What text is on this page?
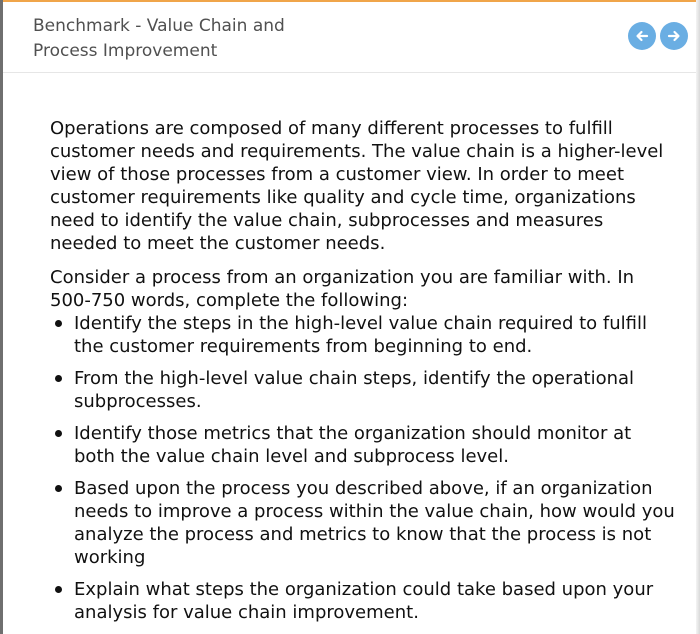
Benchmark - Value Chain and Process Improvement

Operations are composed of many different processes to fulfill customer needs and requirements. The value chain is a higher-level view of those processes from a customer view. In order to meet customer requirements like quality and cycle time, organizations need to identify the value chain, subprocesses and measures needed to meet the customer needs.

Consider a process from an organization you are familiar with. In 500-750 words, complete the following:

Identify the steps in the high-level value chain required to fulfill the customer requirements from beginning to end.
From the high-level value chain steps, identify the operational subprocesses.
Identify those metrics that the organization should monitor at both the value chain level and subprocess level.
Based upon the process you described above, if an organization needs to improve a process within the value chain, how would you analyze the process and metrics to know that the process is not working
Explain what steps the organization could take based upon your analysis for value chain improvement.
